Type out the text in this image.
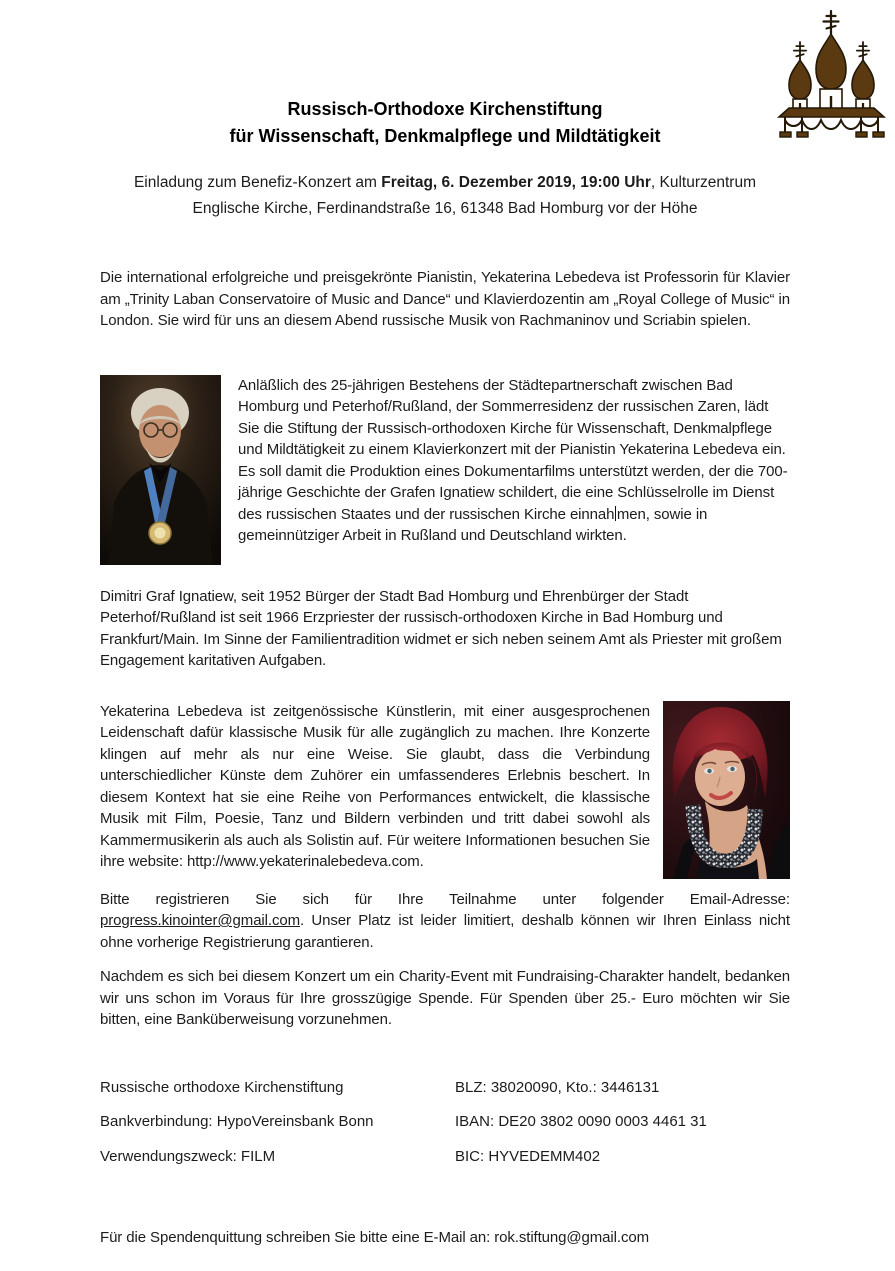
Russisch-Orthodoxe Kirchenstiftung
für Wissenschaft, Denkmalpflege und Mildtätigkeit

Einladung zum Benefiz-Konzert am Freitag, 6. Dezember 2019, 19:00 Uhr, Kulturzentrum
Englische Kirche, Ferdinandstraße 16, 61348 Bad Homburg vor der Höhe

Die international erfolgreiche und preisgekrönte Pianistin, Yekaterina Lebedeva ist Professorin für Klavier am „Trinity Laban Conservatoire of Music and Dance“ und Klavierdozentin am „Royal College of Music“ in London. Sie wird für uns an diesem Abend russische Musik von Rachmaninov und Scriabin spielen.

Anläßlich des 25-jährigen Bestehens der Städtepartnerschaft zwischen Bad Homburg und Peterhof/Rußland, der Sommerresidenz der russischen Zaren, lädt Sie die Stiftung der Russisch-orthodoxen Kirche für Wissenschaft, Denkmalpflege und Mildtätigkeit zu einem Klavierkonzert mit der Pianistin Yekaterina Lebedeva ein. Es soll damit die Produktion eines Dokumentarfilms unterstützt werden, der die 700-jährige Geschichte der Grafen Ignatiew schildert, die eine Schlüsselrolle im Dienst des russischen Staates und der russischen Kirche einnah men, sowie in gemeinnütziger Arbeit in Rußland und Deutschland wirkten.

Dimitri Graf Ignatiew, seit 1952 Bürger der Stadt Bad Homburg und Ehrenbürger der Stadt Peterhof/Rußland ist seit 1966 Erzpriester der russisch-orthodoxen Kirche in Bad Homburg und Frankfurt/Main. Im Sinne der Familientradition widmet er sich neben seinem Amt als Priester mit großem Engagement karitativen Aufgaben.

Yekaterina Lebedeva ist zeitgenössische Künstlerin, mit einer ausgesprochenen Leidenschaft dafür klassische Musik für alle zugänglich zu machen. Ihre Konzerte klingen auf mehr als nur eine Weise. Sie glaubt, dass die Verbindung unterschiedlicher Künste dem Zuhörer ein umfassenderes Erlebnis beschert. In diesem Kontext hat sie eine Reihe von Performances entwickelt, die klassische Musik mit Film, Poesie, Tanz und Bildern verbinden und tritt dabei sowohl als Kammermusikerin als auch als Solistin auf. Für weitere Informationen besuchen Sie ihre website: http://www.yekaterinalebedeva.com.

Bitte registrieren Sie sich für Ihre Teilnahme unter folgender Email-Adresse: progress.kinointer@gmail.com. Unser Platz ist leider limitiert, deshalb können wir Ihren Einlass nicht ohne vorherige Registrierung garantieren.

Nachdem es sich bei diesem Konzert um ein Charity-Event mit Fundraising-Charakter handelt, bedanken wir uns schon im Voraus für Ihre grosszügige Spende. Für Spenden über 25.- Euro möchten wir Sie bitten, eine Banküberweisung vorzunehmen.

Russische orthodoxe Kirchenstiftung	BLZ: 38020090, Kto.: 3446131
Bankverbindung: HypoVereinsbank Bonn	IBAN: DE20 3802 0090 0003 4461 31
Verwendungszweck: FILM	BIC: HYVEDEMM402

Für die Spendenquittung schreiben Sie bitte eine E-Mail an: rok.stiftung@gmail.com
